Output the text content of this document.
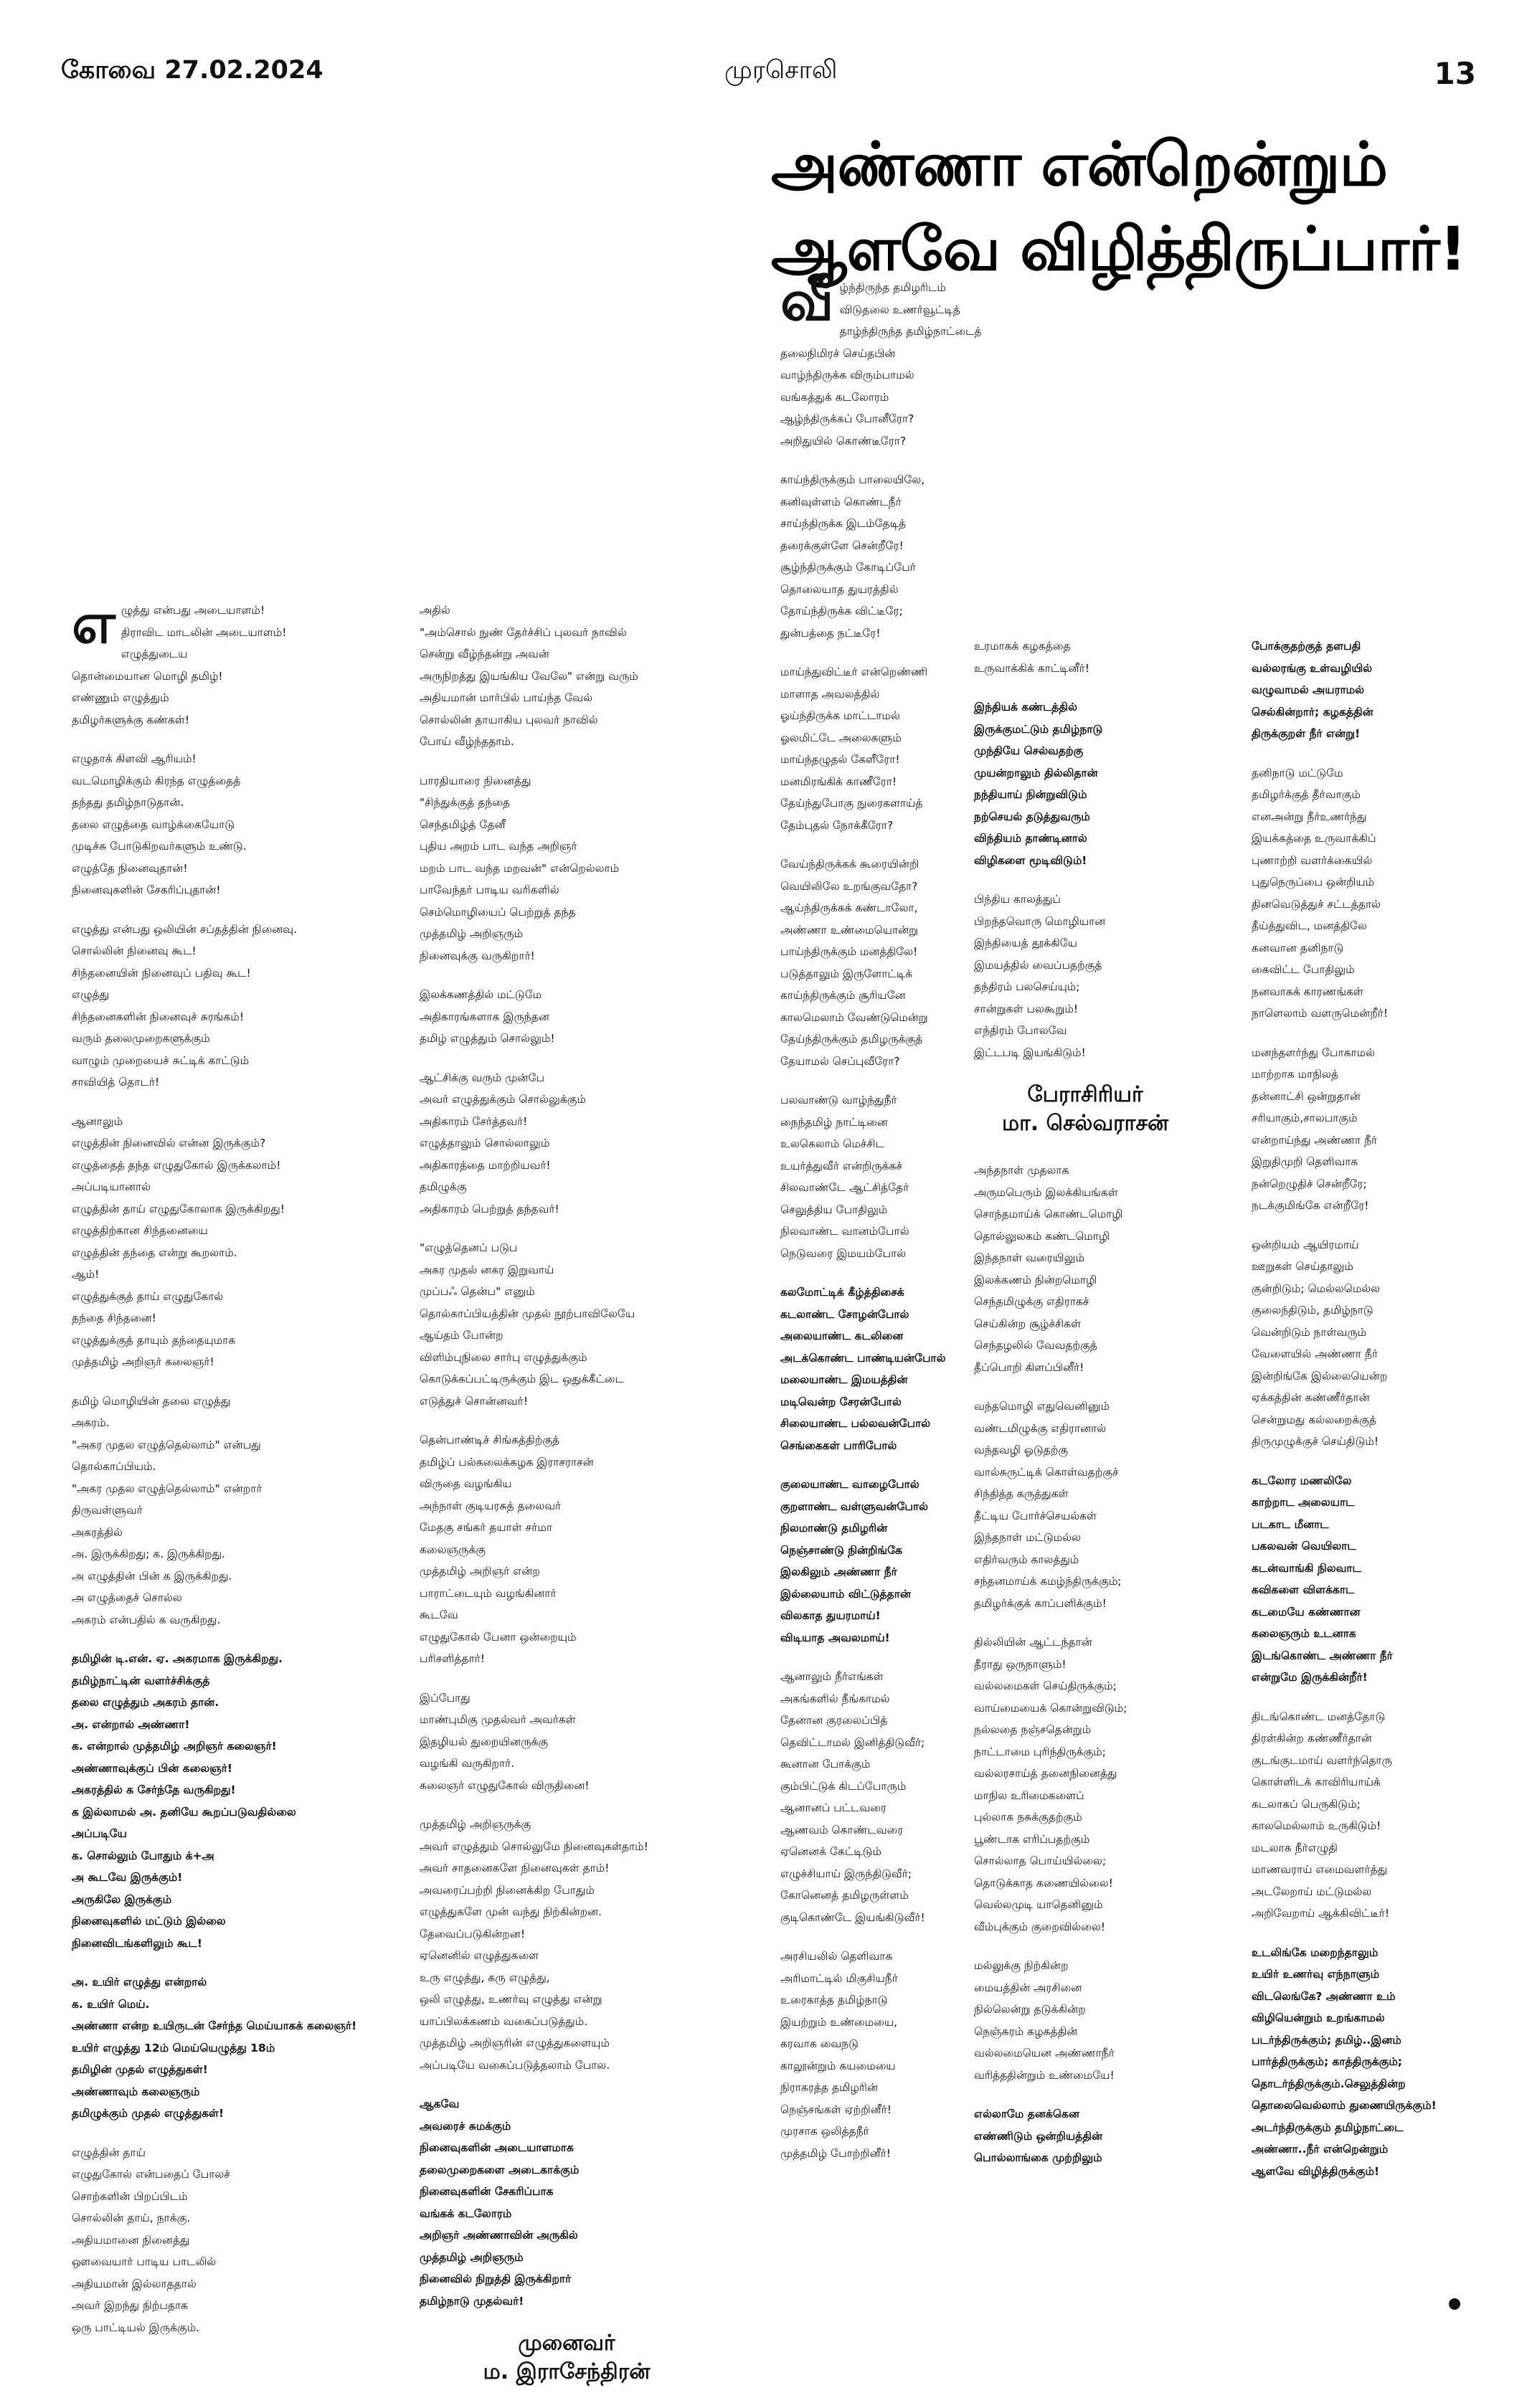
கோவை 27.02.2024	முரசொலி	13
அண்ணா என்றென்றும்
ஆளவே விழித்திருப்பார்!
எ ழுத்து என்பது அடையாளம்!
திராவிட மாடலின் அடையாளம்!
எழுத்துடைய
தொன்மையான மொழி தமிழ்!
எண்ணும் எழுத்தும்
தமிழர்களுக்கு கண்கள்!

எழுதாக் கிளவி ஆரியம்!
வடமொழிக்கும் கிரந்த எழுத்தைத்
தந்தது தமிழ்நாடுதான்.
தலை எழுத்தை வாழ்க்கையோடு
முடிச்சு போடுகிறவர்களும் உண்டு.
எழுத்தே நினைவுதான்!
நினைவுகளின் சேகரிப்புதான்!

எழுத்து என்பது ஒலியின் சப்தத்தின் நினைவு.
சொல்லின் நினைவு கூட!
சிந்தனையின் நினைவுப் பதிவு கூட!
எழுத்து
சிந்தனைகளின் நினைவுச் சுரங்கம்!
வரும் தலைமுறைகளுக்கும்
வாழும் முறையைச் சுட்டிக் காட்டும்
சாவியித் தொடர்!

ஆனாலும்
எழுத்தின் நினைவில் என்ன இருக்கும்?
எழுத்தைத் தந்த எழுதுகோல் இருக்கலாம்!
அப்படியானால்
எழுத்தின் தாய் எழுதுகோலாக இருக்கிறது!
எழுத்திற்கான சிந்தனையை
எழுத்தின் தந்தை என்று கூறலாம்.
ஆம்!
எழுத்துக்குத் தாய் எழுதுகோல்
தந்தை சிந்தனை!
எழுத்துக்குத் தாயும் தந்தையுமாக
முத்தமிழ் அறிஞர் கலைஞர்!

தமிழ் மொழியின் தலை எழுத்து
அகரம்.
"அகர முதல எழுத்தெல்லாம்" என்பது
தொல்காப்பியம்.
"அகர முதல எழுத்தெல்லாம்" என்றார்
திருவள்ளுவர்
அகரத்தில்
அ. இருக்கிறது; க. இருக்கிறது.
அ எழுத்தின் பின் க இருக்கிறது.
அ எழுத்தைச் சொல்ல
அகரம் என்பதில் க வருகிறது.

தமிழின் டி.என். ஏ. அகரமாக இருக்கிறது.
தமிழ்நாட்டின் வளர்ச்சிக்குத்
தலை எழுத்தும் அகரம் தான்.
அ. என்றால் அண்ணா!
க. என்றால் முத்தமிழ் அறிஞர் கலைஞர்!
அண்ணாவுக்குப் பின் கலைஞர்!
அகரத்தில் க சேர்ந்தே வருகிறது!
க இல்லாமல் அ. தனியே கூறப்படுவதில்லை
அப்படியே
க. சொல்லும் போதும் க்+அ
அ கூடவே இருக்கும்!
அருகிலே இருக்கும்
நினைவுகளில் மட்டும் இல்லை
நினைவிடங்களிலும் கூட!

அ. உயிர் எழுத்து என்றால்
க. உயிர் மெய்.
அண்ணா என்ற உயிருடன் சேர்ந்த மெய்யாகக் கலைஞர்!
உயிர் எழுத்து 12ம் மெய்யெழுத்து 18ம்
தமிழின் முதல் எழுத்துகள்!
அண்ணாவும் கலைஞரும்
தமிழுக்கும் முதல் எழுத்துகள்!

எழுத்தின் தாய்
எழுதுகோல் என்பதைப் போலச்
சொற்களின் பிறப்பிடம்
சொல்லின் தாய், நாக்கு.
அதியமானை நினைத்து
ஔவையார் பாடிய பாடலில்
அதியமான் இல்லாததால்
அவர் இறந்து நிற்பதாக
ஒரு பாட்டியல் இருக்கும்.

அதில்
"அம்சொல் நுண் தேர்ச்சிப் புலவர் நாவில்
சென்று வீழ்ந்தன்று அவன்
அருநிறத்து இயங்கிய வேலே" என்று வரும்
அதியமான் மார்பில் பாய்ந்த வேல்
சொல்லின் தாயாகிய புலவர் நாவில்
போய் வீழ்ந்ததாம்.

பாரதியாரை நினைத்து
"சிந்துக்குத் தந்தை
செந்தமிழ்த் தேனீ
புதிய அறம் பாட வந்த அறிஞர்
மறம் பாட வந்த மறவன்" என்றெல்லாம்
பாவேந்தர் பாடிய வரிகளில்
செம்மொழியைப் பெற்றுத் தந்த
முத்தமிழ் அறிஞரும்
நினைவுக்கு வருகிறார்!

இலக்கணத்தில் மட்டுமே
அதிகாரங்களாக இருந்தன
தமிழ் எழுத்தும் சொல்லும்!

ஆட்சிக்கு வரும் முன்பே
அவர் எழுத்துக்கும் சொல்லுக்கும்
அதிகாரம் சேர்த்தவர்!
எழுத்தாலும் சொல்லாலும்
அதிகாரத்தை மாற்றியவர்!
தமிழுக்கு
அதிகாரம் பெற்றுத் தந்தவர்!

"எழுத்தெனப் படுப
அகர முதல் னகர இறுவாய்
முப்பஃ தென்ப" எனும்
தொல்காப்பியத்தின் முதல் நூற்பாவிலேயே
ஆய்தம் போன்ற
விளிம்புநிலை சார்பு எழுத்துக்கும்
கொடுக்கப்பட்டிருக்கும் இட ஒதுக்கீட்டை
எடுத்துச் சொன்னவர்!

தென்பாண்டிச் சிங்கத்திற்குத்
தமிழ்ப் பல்கலைக்கழக இராசராசன்
விருதை வழங்கிய
அந்நாள் குடியரசுத் தலைவர்
மேதகு சங்கர் தயாள் சர்மா
கலைஞருக்கு
முத்தமிழ் அறிஞர் என்ற
பாராட்டையும் வழங்கினார்
கூடவே
எழுதுகோல் பேனா ஒன்றையும்
பரிசளித்தார்!

இப்போது
மாண்புமிகு முதல்வர் அவர்கள்
இதழியல் துறையினருக்கு
வழங்கி வருகிறார்.
கலைஞர் எழுதுகோல் விருதினை!

முத்தமிழ் அறிஞருக்கு
அவர் எழுத்தும் சொல்லுமே நினைவுகள்தாம்!
அவர் சாதனைகளே நினைவுகள் தாம்!
அவரைப்பற்றி நினைக்கிற போதும்
எழுத்துகளே முன் வந்து நிற்கின்றன.
தேவைப்படுகின்றன!
ஏனெனில் எழுத்துகளை
உரு எழுத்து, கரு எழுத்து,
ஒலி எழுத்து, உணர்வு எழுத்து என்று
யாப்பிலக்கணம் வகைப்படுத்தும்.
முத்தமிழ் அறிஞரின் எழுத்துகளையும்
அப்படியே வகைப்படுத்தலாம் போல.

ஆகவே
அவரைச் சுமக்கும்
நினைவுகளின் அடையாளமாக
தலைமுறைகளை அடைகாக்கும்
நினைவுகளின் சேகரிப்பாக
வங்கக் கடலோரம்
அறிஞர் அண்ணாவின் அருகில்
முத்தமிழ் அறிஞரும்
நினைவில் நிறுத்தி இருக்கிறார்
தமிழ்நாடு முதல்வர்!

முனைவர்
ம. இராசேந்திரன்
வீ ழ்ந்திருந்த தமிழரிடம்
விடுதலை உணர்வூட்டித்
தாழ்ந்திருந்த தமிழ்நாட்டைத்
தலைநிமிரச் செய்தபின்
வாழ்ந்திருக்க விரும்பாமல்
வங்கத்துக் கடலோரம்
ஆழ்ந்திருக்கப் போனீரோ?
அறிதுயில் கொண்டீரோ?

காய்ந்திருக்கும் பாலையிலே,
கனிவுள்ளம் கொண்டநீர்
சாய்ந்திருக்க இடம்தேடித்
தரைக்குள்ளே சென்றீரே!
சூழ்ந்திருக்கும் கோடிப்பேர்
தொலையாத துயரத்தில்
தோய்ந்திருக்க விட்டீரே;
துன்பத்தை நட்டீரே!

மாய்ந்துவிட்டீர் என்றெண்ணி
மாளாத அவலத்தில்
ஓய்ந்திருக்க மாட்டாமல்
ஓலமிட்டே அலைகளும்
மாய்ந்தழுதல் கேளீரோ!
மனமிரங்கிக் காணீரோ!
தேய்ந்துபோகு நுரைகளாய்த்
தேம்புதல் நோக்கீரோ?

வேய்ந்திருக்கக் கூரையின்றி
வெயிலிலே உறங்குவதோ?
ஆய்ந்திருக்கக் கண்டாலோ,
அண்ணா உண்மையொன்று
பாய்ந்திருக்கும் மனத்திலே!
படுத்தாலும் இருளோட்டிக்
காய்ந்திருக்கும் சூரியனே
காலமெலாம் வேண்டுமென்று
தேய்ந்திருக்கும் தமிழருக்குத்
தேயாமல் செப்புவீரோ?

பலவாண்டு வாழ்ந்துநீர்
நைந்தமிழ் நாட்டினை
உலகெலாம் மெச்சிட
உயர்த்துவீர் என்றிருக்கச்
சிலவாண்டே ஆட்சித்தேர்
செலுத்திய போதிலும்
நிலவாண்ட வானம்போல்
நெடுவரை இமயம்போல்

கலமோட்டிக் கீழ்த்திசைக்
கடலாண்ட சோழன்போல்
அலையாண்ட கடலினை
அடக்கொண்ட பாண்டியன்போல்
மலையாண்ட இமயத்தின்
மடிவென்ற சேரன்போல்
சிலையாண்ட பல்லவன்போல்
செங்கைகள் பாரிபோல்

குலையாண்ட வாழைபோல்
குறளாண்ட வள்ளுவன்போல்
நிலமாண்டு தமிழரின்
நெஞ்சாண்டு நின்றிங்கே
இலகிலும் அண்ணா நீர்
இல்லையாம் விட்டுத்தான்
விலகாத துயரமாய்!
விடியாத அவலமாய்!

ஆனாலும் நீர்எங்கள்
அகங்களில் நீங்காமல்
தேனான குரலைப்பித்
தெவிட்டாமல் இனித்திடுவீர்;
கூனான போக்கும்
கும்பிட்டுக் கிடப்போரும்
ஆனானப் பட்டவரை
ஆணவம் கொண்டவரை
ஏனெனக் கேட்டிடும்
எழுச்சியாய் இருந்திடுவீர்;
கோனெனத் தமிழருள்ளம்
குடிகொண்டே இயங்கிடுவீர்!

அரசியலில் தெளிவாக
அரிமாட்டில் மிகுசியநீர்
உரைகாத்த தமிழ்நாடு
இயற்றும் உண்மையை,
கரவாக வைநடு
காலூன்றும் கயமையை
நிராகரத்த தமிழரின்
நெஞ்சங்கள் ஏற்றினீர்!
முரசாக ஒலித்தநீர்
முத்தமிழ் போற்றினீர்!

உரமாகக் கழகத்தை
உருவாக்கிக் காட்டினீர்!

இந்தியக் கண்டத்தில்
இருக்குமட்டும் தமிழ்நாடு
முந்தியே செல்வதற்கு
முயன்றாலும் தில்லிதான்
நந்தியாய் நின்றுவிடும்
நற்செயல் தடுத்துவரும்
விந்தியம் தாண்டினால்
விழிகளை மூடிவிடும்!

பிந்திய காலத்துப்
பிறந்தவொரு மொழியான
இந்தியைத் தூக்கியே
இமயத்தில் வைப்பதற்குத்
தந்திரம் பலசெய்யும்;
சான்றுகள் பலகூறும்!
எந்திரம் போலவே
இட்டபடி இயங்கிடும்!

பேராசிரியர்
மா. செல்வராசன்

அந்தநாள் முதலாக
அருமபெரும் இலக்கியங்கள்
சொந்தமாய்க் கொண்டமொழி
தொல்லுலகம் கண்டமொழி
இந்தநாள் வரையிலும்
இலக்கணம் நின்றமொழி
செந்தமிழுக்கு எதிராகச்
செய்கின்ற சூழ்ச்சிகள்
செந்தழலில் வேவதற்குத்
தீப்பொறி கிளப்பினீர்!

வந்தமொழி எதுவெனினும்
வண்டமிழுக்கு எதிரானால்
வந்தவழி ஓடுதற்கு
வால்சுருட்டிக் கொள்வதற்குச்
சிந்தித்த கருத்துகள்
தீட்டிய போர்ச்செயல்கள்
இந்தநாள் மட்டுமல்ல
எதிர்வரும் காலத்தும்
சந்தனமாய்க் கமழ்ந்திருக்கும்;
தமிழர்க்குக் காப்பளிக்கும்!

தில்லியின் ஆட்டந்தான்
தீராது ஒருநாளும்!
வல்லமைகள் செய்திருக்கும்;
வாய்மையைக் கொன்றுவிடும்;
நல்லதை நஞ்சதென்றும்
நாட்டாமை புரிந்திருக்கும்;
வல்லரசாய்த் தனைநினைத்து
மாநில உரிமைகளைப்
புல்லாக நசுக்குதற்கும்
பூண்டாக எரிப்பதற்கும்
சொல்லாத பொய்யில்லை;
தொடுக்காத கணையில்லை!
வெல்லமுடி யாதெனினும்
வீம்புக்கும் குறைவில்லை!

மல்லுக்கு நிற்கின்ற
மையத்தின் அரசினை
நில்லென்று தடுக்கின்ற
நெஞ்சுரம் கழகத்தின்
வல்லமையென அண்ணாநீர்
வரித்ததின்றும் உண்மையே!

எல்லாமே தனக்கென
எண்ணிடும் ஒன்றியத்தின்
பொல்லாங்கை முற்றிலும்

போக்குதற்குத் தளபதி
வல்லரங்கு உள்வழியில்
வழுவாமல் அயராமல்
செல்கின்றார்; கழகத்தின்
திருக்குறள் நீர் என்று!

தனிநாடு மட்டுமே
தமிழர்க்குத் தீர்வாகும்
எனஅன்று நீர்உணர்ந்து
இயக்கத்தை உருவாக்கிப்
புணாற்றி வளர்க்கையில்
புதுநெருப்பை ஒன்றியம்
தினவெடுத்துச் சட்டத்தால்
தீய்த்துவிட, மனத்திலே
கனவான தனிநாடு
கைவிட்ட போதிலும்
நனவாகக் காரணங்கள்
நாளெலாம் வளருமென்றீர்!

மனந்தளர்ந்து போகாமல்
மாற்றாக மாநிலத்
தன்னாட்சி ஒன்றுதான்
சரியாகும்,சாலபாகும்
என்றாய்ந்து அண்ணா நீர்
இறுதிமுறி தெளிவாக
நன்றெழுதிச் சென்றீரே;
நடக்குமிங்கே என்றீரே!

ஒன்றியம் ஆயிரமாய்
ஊறுகள் செய்தாலும்
குன்றிடும்; மெல்லமெல்ல
குலைந்திடும், தமிழ்நாடு
வென்றிடும் நாள்வரும்
வேளையில் அண்ணா நீர்
இன்றிங்கே இல்லையென்ற
ஏக்கத்தின் கண்ணீர்தான்
சென்றுமது கல்லறைக்குத்
திருமுழுக்குச் செய்திடும்!

கடலோர மணலிலே
காற்றாட அலையாட
படகாட மீனாட
பகலவன் வெயிலாட
கடன்வாங்கி நிலவாட
கவிகளை விளக்காட
கடமையே கண்ணான
கலைஞரும் உடனாக
இடங்கொண்ட அண்ணா நீர்
என்றுமே இருக்கின்றீர்!

திடங்கொண்ட மனத்தோடு
திரள்கின்ற கண்ணீர்தான்
குடங்குடமாய் வளர்ந்தொரு
கொள்ளிடக் காவிரியாய்க்
கடலாகப் பெருகிடும்;
காலமெல்லாம் உருகிடும்!
மடலாக நீர்எழுதி
மாணவராய் எமைவளர்த்து
அடலேறாய் மட்டுமல்ல
அறிவேறாய் ஆக்கிவிட்டீர்!

உடலிங்கே மறைந்தாலும்
உயிர் உணர்வு எந்நாளும்
விடலெங்கே? அண்ணா உம்
விழியென்றும் உறங்காமல்
படர்ந்திருக்கும்; தமிழ்..இனம்
பார்த்திருக்கும்; காத்திருக்கும்;
தொடர்ந்திருக்கும்.செலுத்தின்ற
தொலைவெல்லாம் துணையிருக்கும்!
அடர்ந்திருக்கும் தமிழ்நாட்டை
அண்ணா..நீர் என்றென்றும்
ஆளவே விழித்திருக்கும்!
